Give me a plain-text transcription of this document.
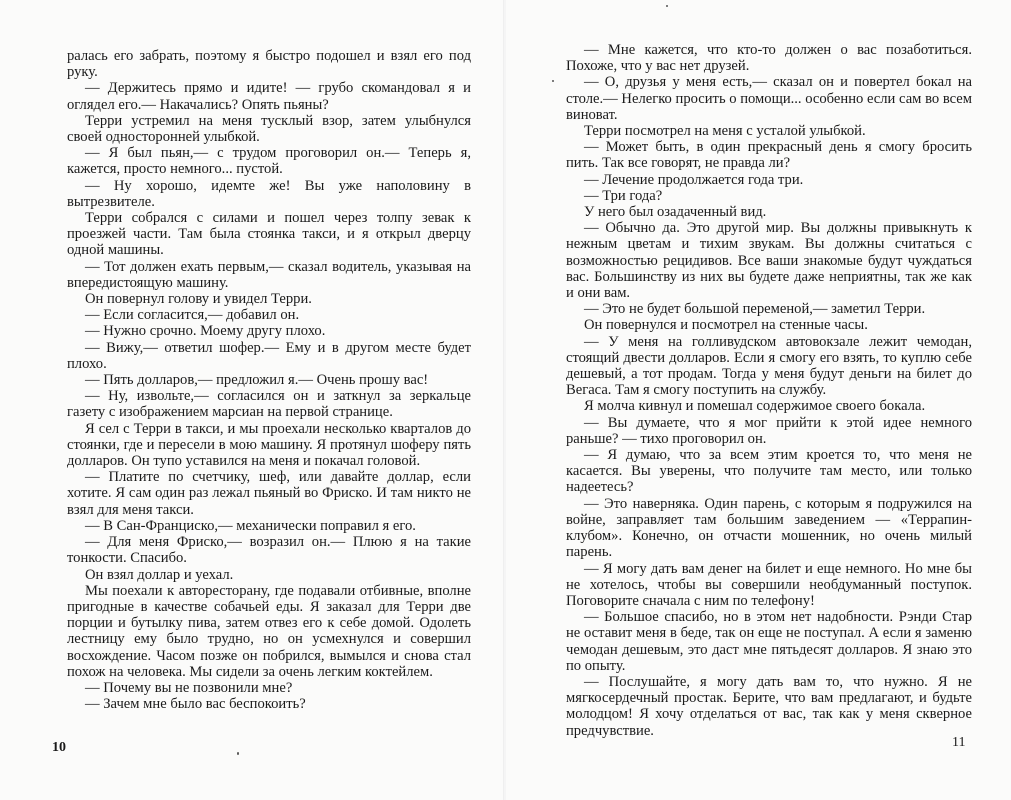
ралась его забрать, поэтому я быстро подошел и взял его под руку.

— Держитесь прямо и идите! — грубо скомандовал я и оглядел его.— Накачались? Опять пьяны?

Терри устремил на меня тусклый взор, затем улыбнулся своей односторонней улыбкой.

— Я был пьян,— с трудом проговорил он.— Теперь я, кажется, просто немного... пустой.

— Ну хорошо, идемте же! Вы уже наполовину в вытрезвителе.

Терри собрался с силами и пошел через толпу зевак к проезжей части. Там была стоянка такси, и я открыл дверцу одной машины.

— Тот должен ехать первым,— сказал водитель, указывая на впередистоящую машину.

Он повернул голову и увидел Терри.

— Если согласится,— добавил он.

— Нужно срочно. Моему другу плохо.

— Вижу,— ответил шофер.— Ему и в другом месте будет плохо.

— Пять долларов,— предложил я.— Очень прошу вас!

— Ну, извольте,— согласился он и заткнул за зеркальце газету с изображением марсиан на первой странице.

Я сел с Терри в такси, и мы проехали несколько кварталов до стоянки, где и пересели в мою машину. Я протянул шоферу пять долларов. Он тупо уставился на меня и покачал головой.

— Платите по счетчику, шеф, или давайте доллар, если хотите. Я сам один раз лежал пьяный во Фриско. И там никто не взял для меня такси.

— В Сан-Франциско,— механически поправил я его.

— Для меня Фриско,— возразил он.— Плюю я на такие тонкости. Спасибо.

Он взял доллар и уехал.

Мы поехали к авторесторану, где подавали отбивные, вполне пригодные в качестве собачьей еды. Я заказал для Терри две порции и бутылку пива, затем отвез его к себе домой. Одолеть лестницу ему было трудно, но он усмехнулся и совершил восхождение. Часом позже он побрился, вымылся и снова стал похож на человека. Мы сидели за очень легким коктейлем.

— Почему вы не позвонили мне?

— Зачем мне было вас беспокоить?

10

— Мне кажется, что кто-то должен о вас позаботиться. Похоже, что у вас нет друзей.

— О, друзья у меня есть,— сказал он и повертел бокал на столе.— Нелегко просить о помощи... особенно если сам во всем виноват.

Терри посмотрел на меня с усталой улыбкой.

— Может быть, в один прекрасный день я смогу бросить пить. Так все говорят, не правда ли?

— Лечение продолжается года три.

— Три года?

У него был озадаченный вид.

— Обычно да. Это другой мир. Вы должны привыкнуть к нежным цветам и тихим звукам. Вы должны считаться с возможностью рецидивов. Все ваши знакомые будут чуждаться вас. Большинству из них вы будете даже неприятны, так же как и они вам.

— Это не будет большой переменой,— заметил Терри.

Он повернулся и посмотрел на стенные часы.

— У меня на голливудском автовокзале лежит чемодан, стоящий двести долларов. Если я смогу его взять, то куплю себе дешевый, а тот продам. Тогда у меня будут деньги на билет до Вегаса. Там я смогу поступить на службу.

Я молча кивнул и помешал содержимое своего бокала.

— Вы думаете, что я мог прийти к этой идее немного раньше? — тихо проговорил он.

— Я думаю, что за всем этим кроется то, что меня не касается. Вы уверены, что получите там место, или только надеетесь?

— Это наверняка. Один парень, с которым я подружился на войне, заправляет там большим заведением — «Террапин-клубом». Конечно, он отчасти мошенник, но очень милый парень.

— Я могу дать вам денег на билет и еще немного. Но мне бы не хотелось, чтобы вы совершили необдуманный поступок. Поговорите сначала с ним по телефону!

— Большое спасибо, но в этом нет надобности. Рэнди Стар не оставит меня в беде, так он еще не поступал. А если я заменю чемодан дешевым, это даст мне пятьдесят долларов. Я знаю это по опыту.

— Послушайте, я могу дать вам то, что нужно. Я не мягкосердечный простак. Берите, что вам предлагают, и будьте молодцом! Я хочу отделаться от вас, так как у меня скверное предчувствие.

11
